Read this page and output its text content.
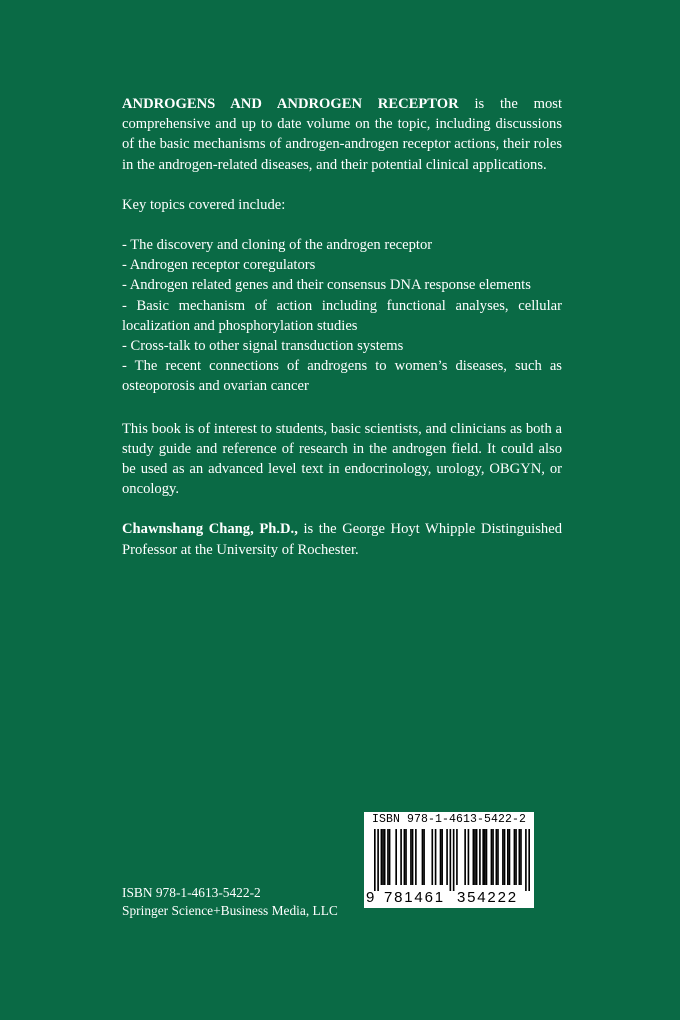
ANDROGENS AND ANDROGEN RECEPTOR is the most comprehensive and up to date volume on the topic, including discussions of the basic mechanisms of androgen-androgen receptor actions, their roles in the androgen-related diseases, and their potential clinical applications.

Key topics covered include:

- The discovery and cloning of the androgen receptor

- Androgen receptor coregulators

- Androgen related genes and their consensus DNA response elements

- Basic mechanism of action including functional analyses, cellular localization and phosphorylation studies

- Cross-talk to other signal transduction systems

- The recent connections of androgens to women’s diseases, such as osteoporosis and ovarian cancer

This book is of interest to students, basic scientists, and clinicians as both a study guide and reference of research in the androgen field. It could also be used as an advanced level text in endocrinology, urology, OBGYN, or oncology.

Chawnshang Chang, Ph.D., is the George Hoyt Whipple Distinguished Professor at the University of Rochester.

ISBN 978-1-4613-5422-2
9 781461 354222
ISBN 978-1-4613-5422-2
Springer Science+Business Media, LLC
